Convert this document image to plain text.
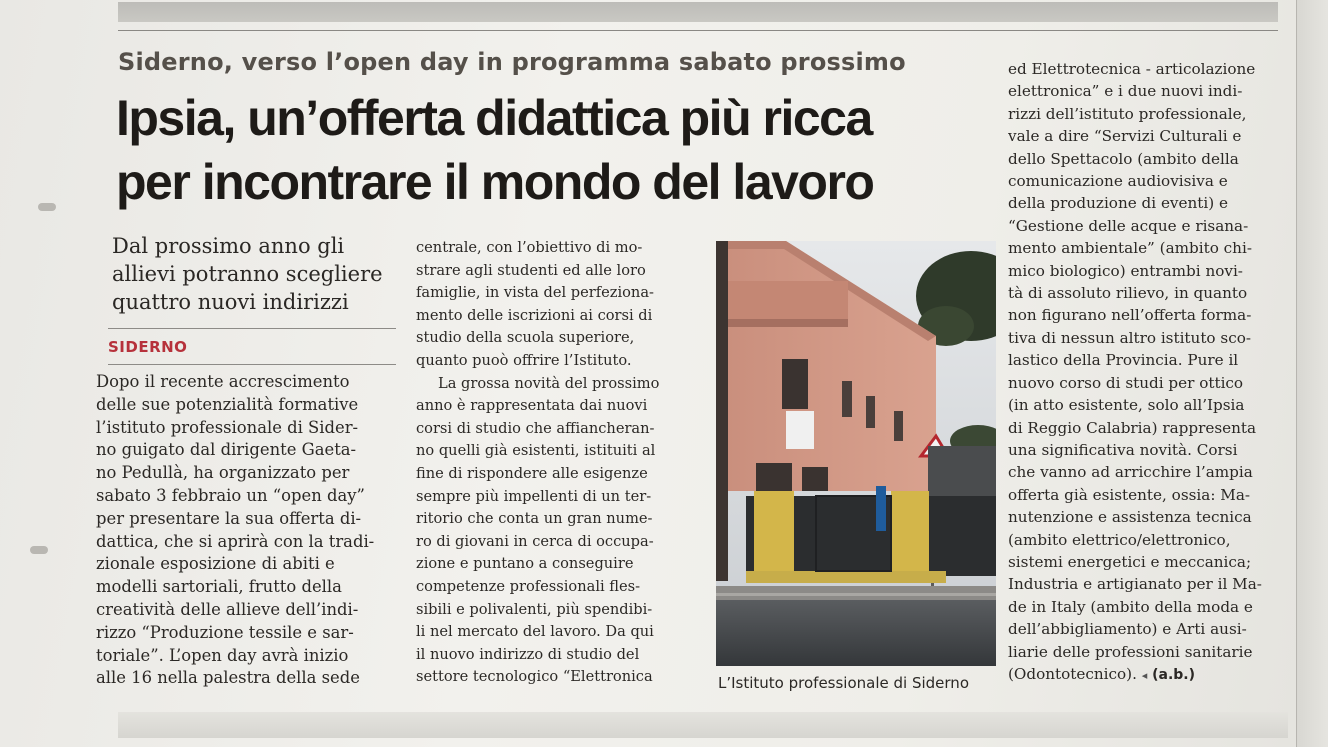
Siderno, verso l’open day in programma sabato prossimo
Ipsia, un’offerta didattica più ricca
per incontrare il mondo del lavoro
Dal prossimo anno gli
allievi potranno scegliere
quattro nuovi indirizzi
SIDERNO

Dopo il recente accrescimento

delle sue potenzialità formative

l’istituto professionale di Sider-

no guigato dal dirigente Gaeta-

no Pedullà, ha organizzato per

sabato 3 febbraio un “open day”

per presentare la sua offerta di-

dattica, che si aprirà con la tradi-

zionale esposizione di abiti e

modelli sartoriali, frutto della

creatività delle allieve dell’indi-

rizzo “Produzione tessile e sar-

toriale”. L’open day avrà inizio

alle 16 nella palestra della sede

centrale, con l’obiettivo di mo-

strare agli studenti ed alle loro

famiglie, in vista del perfeziona-

mento delle iscrizioni ai corsi di

studio della scuola superiore,

quanto puoò offrire l’Istituto.

La grossa novità del prossimo

anno è rappresentata dai nuovi

corsi di studio che affiancheran-

no quelli già esistenti, istituiti al

fine di rispondere alle esigenze

sempre più impellenti di un ter-

ritorio che conta un gran nume-

ro di giovani in cerca di occupa-

zione e puntano a conseguire

competenze professionali fles-

sibili e polivalenti, più spendibi-

li nel mercato del lavoro. Da qui

il nuovo indirizzo di studio del

settore tecnologico “Elettronica	L’Istituto professionale di Siderno

ed Elettrotecnica - articolazione

elettronica” e i due nuovi indi-

rizzi dell’istituto professionale,

vale a dire “Servizi Culturali e

dello Spettacolo (ambito della

comunicazione audiovisiva e

della produzione di eventi) e

“Gestione delle acque e risana-

mento ambientale” (ambito chi-

mico biologico) entrambi novi-

tà di assoluto rilievo, in quanto

non figurano nell’offerta forma-

tiva di nessun altro istituto sco-

lastico della Provincia. Pure il

nuovo corso di studi per ottico

(in atto esistente, solo all’Ipsia

di Reggio Calabria) rappresenta

una significativa novità. Corsi

che vanno ad arricchire l’ampia

offerta già esistente, ossia: Ma-

nutenzione e assistenza tecnica

(ambito elettrico/elettronico,

sistemi energetici e meccanica;

Industria e artigianato per il Ma-

de in Italy (ambito della moda e

dell’abbigliamento) e Arti ausi-

liarie delle professioni sanitarie

(Odontotecnico). ◂ (a.b.)
